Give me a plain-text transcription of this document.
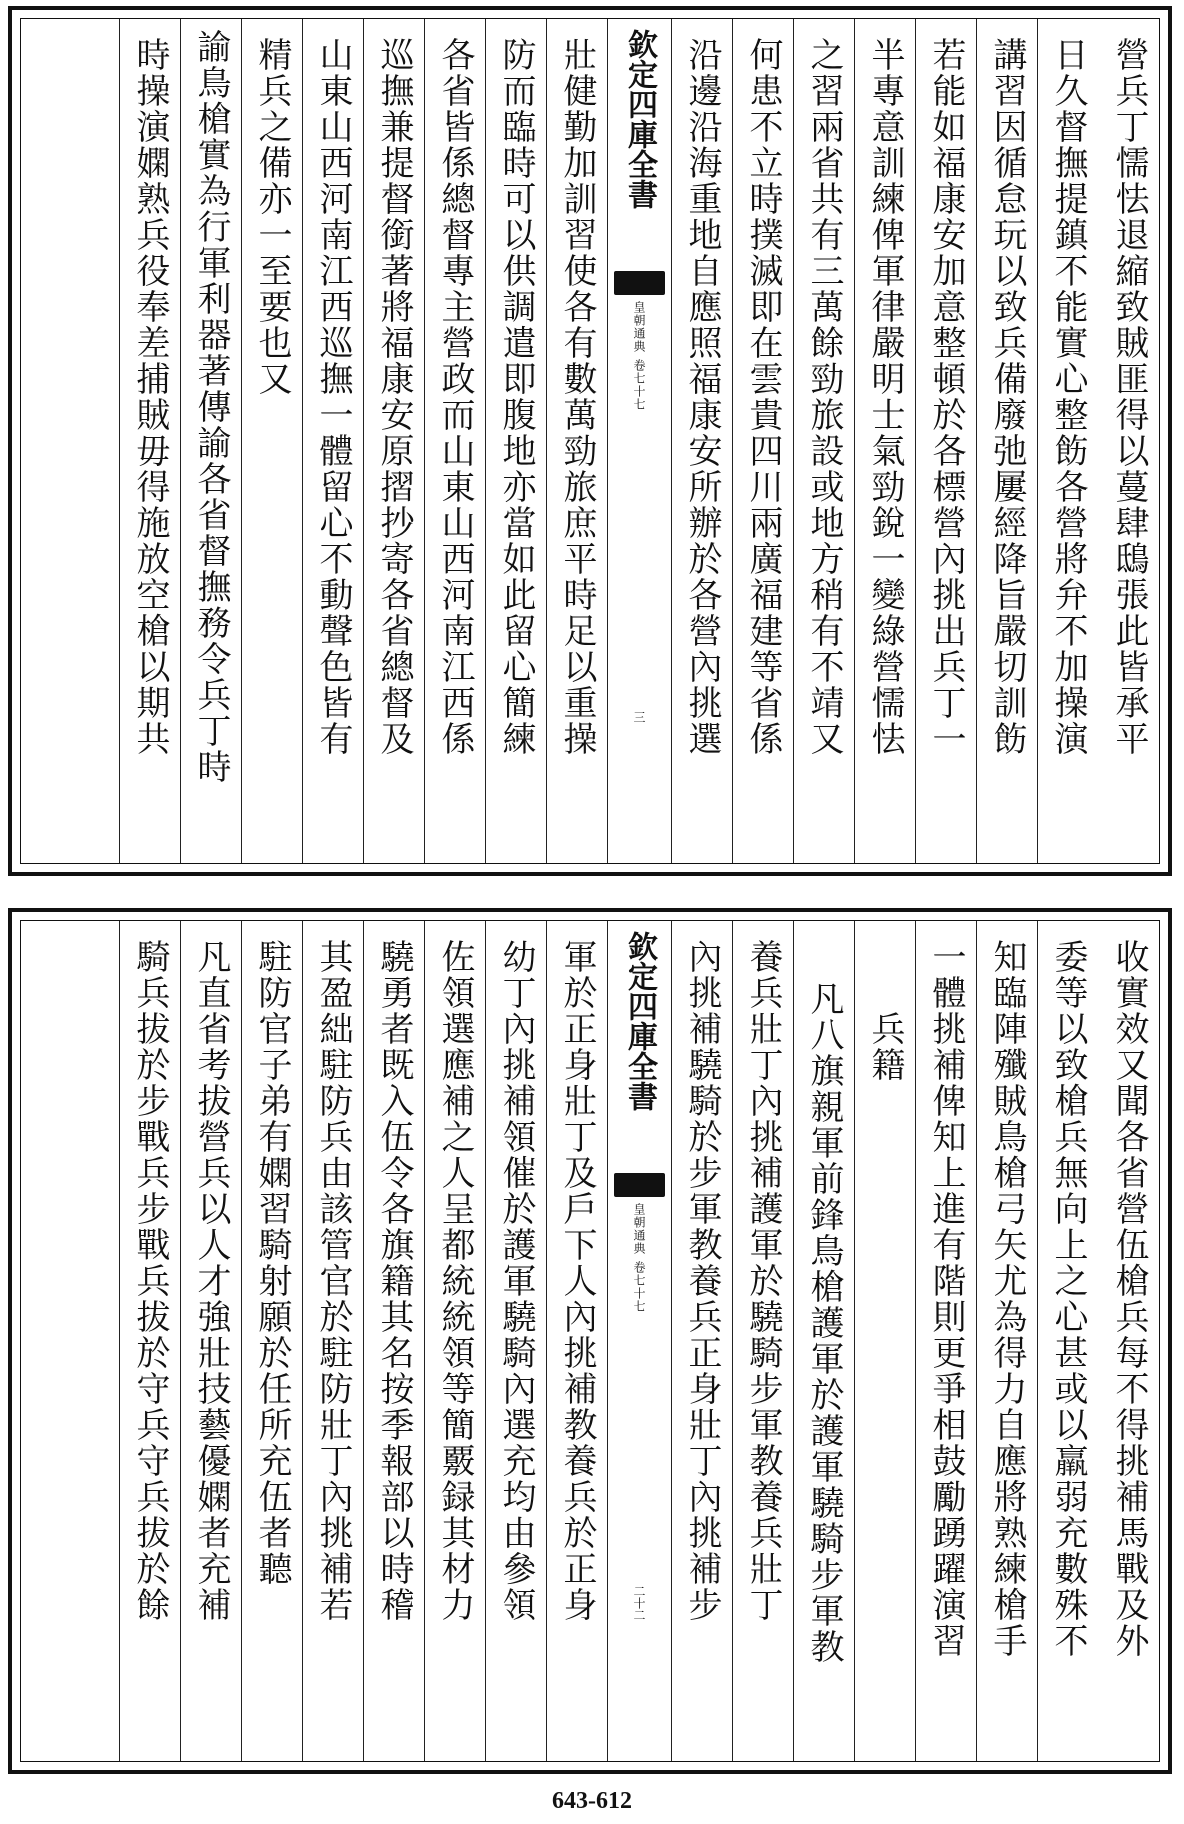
營兵丁懦怯退縮致賊匪得以蔓肆鴟張此皆承平
日久督撫提鎮不能實心整飭各營將弁不加操演
講習因循怠玩以致兵備廢弛屢經降旨嚴切訓飭
若能如福康安加意整頓於各標營內挑出兵丁一
半專意訓練俾軍律嚴明士氣勁銳一變綠營懦怯
之習兩省共有三萬餘勁旅設或地方稍有不靖又
何患不立時撲滅即在雲貴四川兩廣福建等省係
沿邊沿海重地自應照福康安所辦於各營內挑選
欽定四庫全書
皇朝通典
卷七十七
三
壯健勤加訓習使各有數萬勁旅庶平時足以重操
防而臨時可以供調遣即腹地亦當如此留心簡練
各省皆係總督專主營政而山東山西河南江西係
巡撫兼提督銜著將福康安原摺抄寄各省總督及
山東山西河南江西巡撫一體留心不動聲色皆有
精兵之備亦一至要也又
諭鳥槍實為行軍利器著傳諭各省督撫務令兵丁時
時操演嫻熟兵役奉差捕賊毋得施放空槍以期共
收實效又聞各省營伍槍兵每不得挑補馬戰及外
委等以致槍兵無向上之心甚或以羸弱充數殊不
知臨陣殲賊鳥槍弓矢尤為得力自應將熟練槍手
一體挑補俾知上進有階則更爭相鼓勵踴躍演習
兵籍
凡八旗親軍前鋒鳥槍護軍於護軍驍騎步軍教
養兵壯丁內挑補護軍於驍騎步軍教養兵壯丁
內挑補驍騎於步軍教養兵正身壯丁內挑補步
欽定四庫全書
皇朝通典
卷七十七
二十二
軍於正身壯丁及戶下人內挑補教養兵於正身
幼丁內挑補領催於護軍驍騎內選充均由參領
佐領選應補之人呈都統統領等簡覈録其材力
驍勇者既入伍令各旗籍其名按季報部以時稽
其盈絀駐防兵由該管官於駐防壯丁內挑補若
駐防官子弟有嫻習騎射願於任所充伍者聽
凡直省考拔營兵以人才強壯技藝優嫻者充補
騎兵拔於步戰兵步戰兵拔於守兵守兵拔於餘
643-612
